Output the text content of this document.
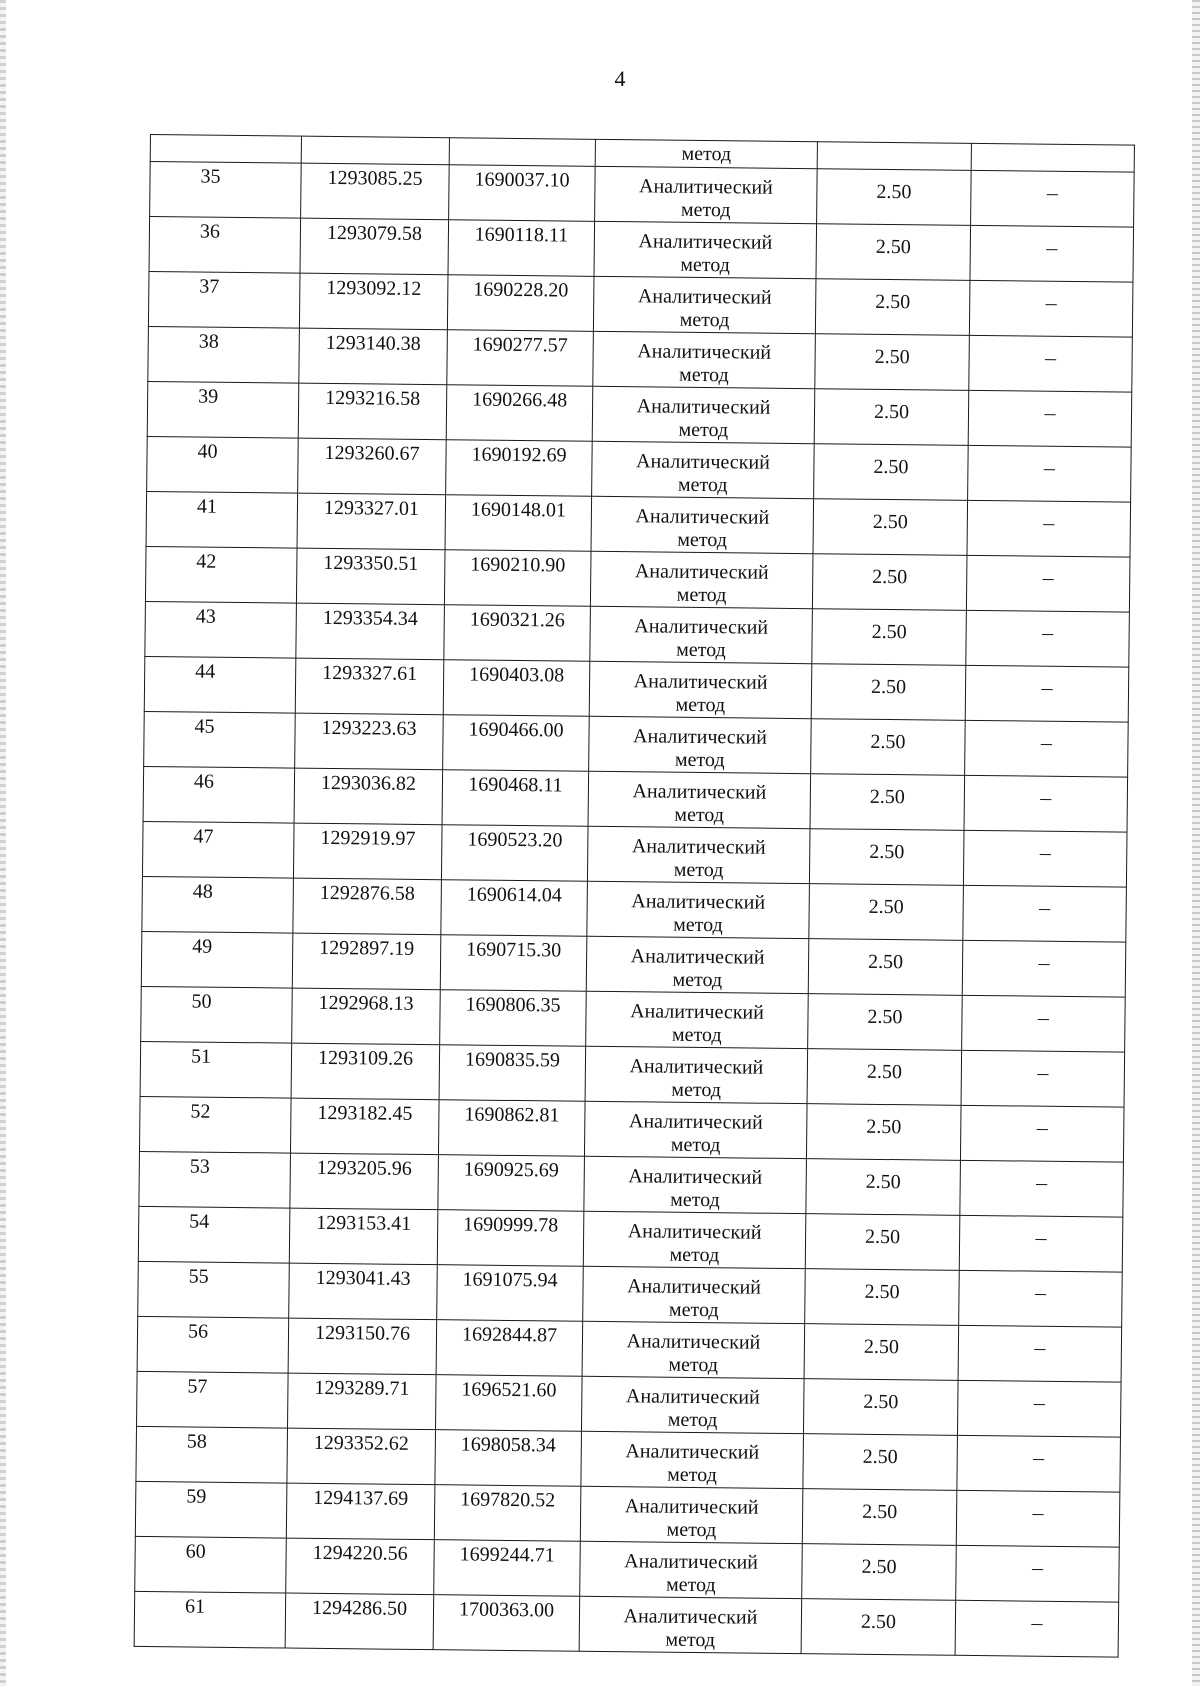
4
			метод		

35	1293085.25	1690037.10	Аналитический
метод	2.50	–

36	1293079.58	1690118.11	Аналитический
метод	2.50	–

37	1293092.12	1690228.20	Аналитический
метод	2.50	–

38	1293140.38	1690277.57	Аналитический
метод	2.50	–

39	1293216.58	1690266.48	Аналитический
метод	2.50	–

40	1293260.67	1690192.69	Аналитический
метод	2.50	–

41	1293327.01	1690148.01	Аналитический
метод	2.50	–

42	1293350.51	1690210.90	Аналитический
метод	2.50	–

43	1293354.34	1690321.26	Аналитический
метод	2.50	–

44	1293327.61	1690403.08	Аналитический
метод	2.50	–

45	1293223.63	1690466.00	Аналитический
метод	2.50	–

46	1293036.82	1690468.11	Аналитический
метод	2.50	–

47	1292919.97	1690523.20	Аналитический
метод	2.50	–

48	1292876.58	1690614.04	Аналитический
метод	2.50	–

49	1292897.19	1690715.30	Аналитический
метод	2.50	–

50	1292968.13	1690806.35	Аналитический
метод	2.50	–

51	1293109.26	1690835.59	Аналитический
метод	2.50	–

52	1293182.45	1690862.81	Аналитический
метод	2.50	–

53	1293205.96	1690925.69	Аналитический
метод	2.50	–

54	1293153.41	1690999.78	Аналитический
метод	2.50	–

55	1293041.43	1691075.94	Аналитический
метод	2.50	–

56	1293150.76	1692844.87	Аналитический
метод	2.50	–

57	1293289.71	1696521.60	Аналитический
метод	2.50	–

58	1293352.62	1698058.34	Аналитический
метод	2.50	–

59	1294137.69	1697820.52	Аналитический
метод	2.50	–

60	1294220.56	1699244.71	Аналитический
метод	2.50	–

61	1294286.50	1700363.00	Аналитический
метод	2.50	–
